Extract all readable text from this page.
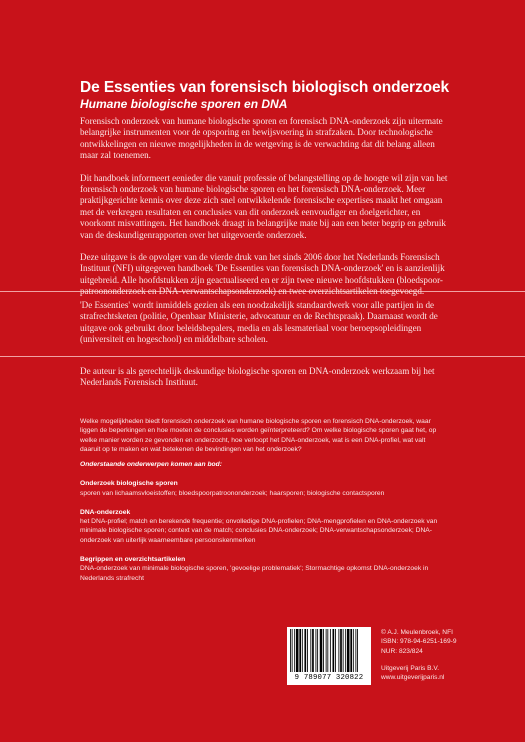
De Essenties van forensisch biologisch onderzoek
Humane biologische sporen en DNA

Forensisch onderzoek van humane biologische sporen en forensisch DNA-onderzoek zijn uitermate belangrijke instrumenten voor de opsporing en bewijsvoering in strafzaken. Door technologische ontwikkelingen en nieuwe mogelijkheden in de wetgeving is de verwachting dat dit belang alleen maar zal toenemen.

Dit handboek informeert eenieder die vanuit professie of belangstelling op de hoogte wil zijn van het forensisch onderzoek van humane biologische sporen en het forensisch DNA-onderzoek. Meer praktijkgerichte kennis over deze zich snel ontwikkelende forensische expertises maakt het omgaan met de verkregen resultaten en conclusies van dit onderzoek eenvoudiger en doelgerichter, en voorkomt misvattingen. Het handboek draagt in belangrijke mate bij aan een beter begrip en gebruik van de deskundigenrapporten over het uitgevoerde onderzoek.

Deze uitgave is de opvolger van de vierde druk van het sinds 2006 door het Nederlands Forensisch Instituut (NFI) uitgegeven handboek 'De Essenties van forensisch DNA-onderzoek' en is aanzienlijk uitgebreid. Alle hoofdstukken zijn geactualiseerd en er zijn twee nieuwe hoofdstukken (bloedspoor-patroononderzoek en DNA-verwantschapsonderzoek) en twee overzichtsartikelen toegevoegd.

'De Essenties' wordt inmiddels gezien als een noodzakelijk standaardwerk voor alle partijen in de strafrechtsketen (politie, Openbaar Ministerie, advocatuur en de Rechtspraak). Daarnaast wordt de uitgave ook gebruikt door beleidsbepalers, media en als lesmateriaal voor beroepsopleidingen (universiteit en hogeschool) en middelbare scholen.

De auteur is als gerechtelijk deskundige biologische sporen en DNA-onderzoek werkzaam bij het Nederlands Forensisch Instituut.

Welke mogelijkheden biedt forensisch onderzoek van humane biologische sporen en forensisch DNA-onderzoek, waar liggen de beperkingen en hoe moeten de conclusies worden geïnterpreteerd? Om welke biologische sporen gaat het, op welke manier worden ze gevonden en onderzocht, hoe verloopt het DNA-onderzoek, wat is een DNA-profiel, wat valt daaruit op te maken en wat betekenen de bevindingen van het onderzoek?

Onderstaande onderwerpen komen aan bod:

Onderzoek biologische sporen

sporen van lichaamsvloeistoffen; bloedspoorpatroononderzoek; haarsporen; biologische contactsporen

DNA-onderzoek

het DNA-profiel; match en berekende frequentie; onvolledige DNA-profielen; DNA-mengprofielen en DNA-onderzoek van minimale biologische sporen; context van de match; conclusies DNA-onderzoek; DNA-verwantschapsonderzoek; DNA-onderzoek van uiterlijk waarneembare persoonskenmerken

Begrippen en overzichtsartikelen

DNA-onderzoek van minimale biologische sporen, 'gevoelige problematiek'; Stormachtige opkomst DNA-onderzoek in Nederlands strafrecht

9 789077 320822
© A.J. Meulenbroek, NFI
ISBN: 978-94-6251-169-9
NUR: 823/824
Uitgeverij Paris B.V.
www.uitgeverijparis.nl
